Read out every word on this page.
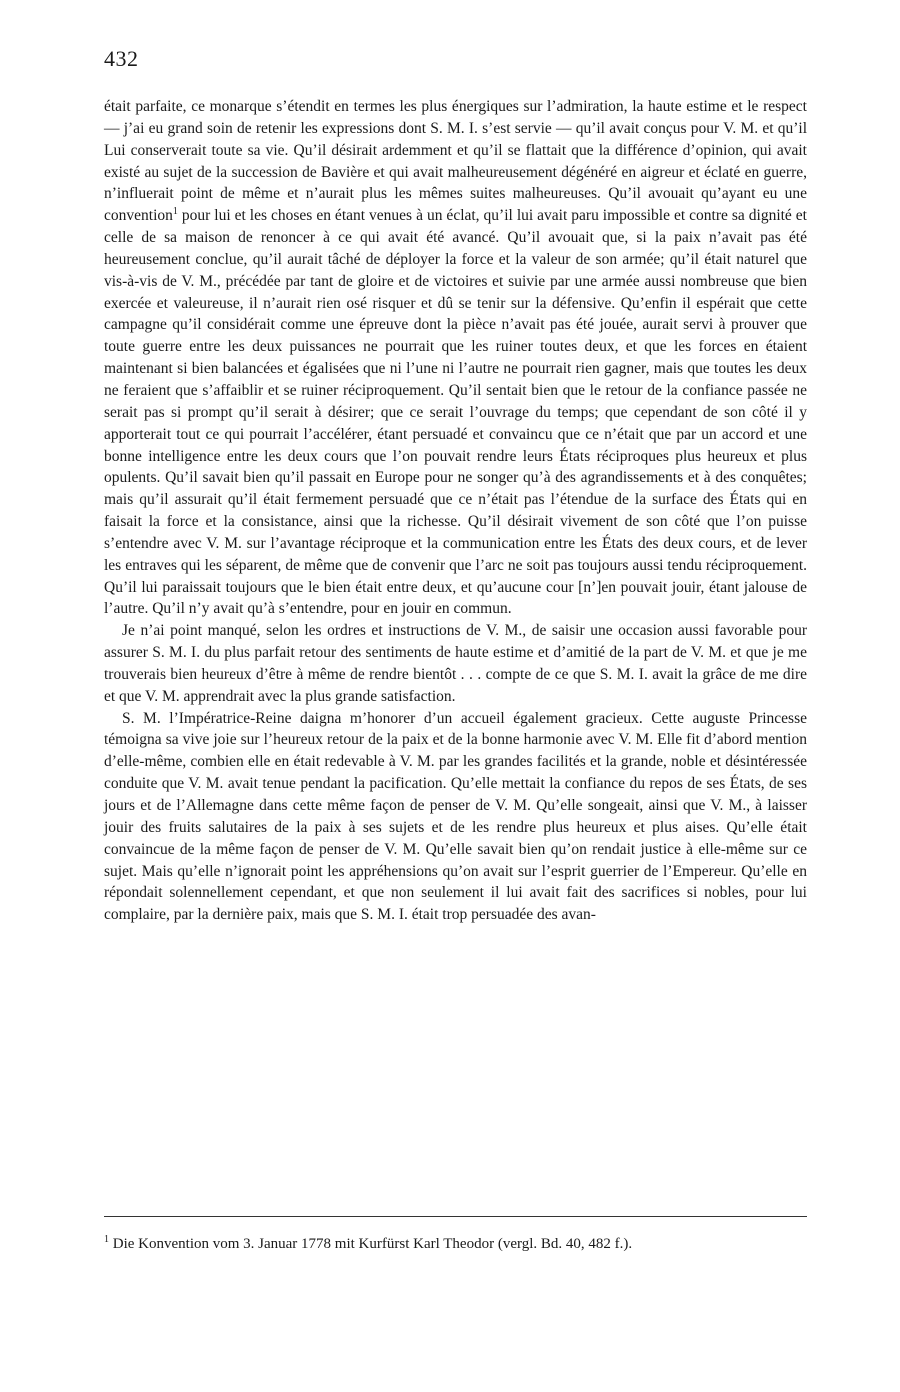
432

était parfaite, ce monarque s’étendit en termes les plus énergiques sur l’admiration, la haute estime et le respect — j’ai eu grand soin de retenir les expressions dont S. M. I. s’est servie — qu’il avait conçus pour V. M. et qu’il Lui conserverait toute sa vie. Qu’il désirait ardemment et qu’il se flattait que la différence d’opinion, qui avait existé au sujet de la succession de Bavière et qui avait malheureusement dégénéré en aigreur et éclaté en guerre, n’influerait point de même et n’aurait plus les mêmes suites malheureuses. Qu’il avouait qu’ayant eu une convention$^1$ pour lui et les choses en étant venues à un éclat, qu’il lui avait paru impossible et contre sa dignité et celle de sa maison de renoncer à ce qui avait été avancé. Qu’il avouait que, si la paix n’avait pas été heureusement conclue, qu’il aurait tâché de déployer la force et la valeur de son armée; qu’il était naturel que vis-à-vis de V. M., précédée par tant de gloire et de victoires et suivie par une armée aussi nombreuse que bien exercée et valeureuse, il n’aurait rien osé risquer et dû se tenir sur la défensive. Qu’enfin il espérait que cette campagne qu’il considérait comme une épreuve dont la pièce n’avait pas été jouée, aurait servi à prouver que toute guerre entre les deux puissances ne pourrait que les ruiner toutes deux, et que les forces en étaient maintenant si bien balancées et égalisées que ni l’une ni l’autre ne pourrait rien gagner, mais que toutes les deux ne feraient que s’affaiblir et se ruiner réciproquement. Qu’il sentait bien que le retour de la confiance passée ne serait pas si prompt qu’il serait à désirer; que ce serait l’ouvrage du temps; que cependant de son côté il y apporterait tout ce qui pourrait l’accélérer, étant persuadé et convaincu que ce n’était que par un accord et une bonne intelligence entre les deux cours que l’on pouvait rendre leurs États réciproques plus heureux et plus opulents. Qu’il savait bien qu’il passait en Europe pour ne songer qu’à des agrandissements et à des conquêtes; mais qu’il assurait qu’il était fermement persuadé que ce n’était pas l’étendue de la surface des États qui en faisait la force et la consistance, ainsi que la richesse. Qu’il désirait vivement de son côté que l’on puisse s’entendre avec V. M. sur l’avantage réciproque et la communication entre les États des deux cours, et de lever les entraves qui les séparent, de même que de convenir que l’arc ne soit pas toujours aussi tendu réciproquement. Qu’il lui paraissait toujours que le bien était entre deux, et qu’aucune cour [n’]en pouvait jouir, étant jalouse de l’autre. Qu’il n’y avait qu’à s’entendre, pour en jouir en commun.

Je n’ai point manqué, selon les ordres et instructions de V. M., de saisir une occasion aussi favorable pour assurer S. M. I. du plus parfait retour des sentiments de haute estime et d’amitié de la part de V. M. et que je me trouverais bien heureux d’être à même de rendre bientôt . . . compte de ce que S. M. I. avait la grâce de me dire et que V. M. apprendrait avec la plus grande satisfaction.

S. M. l’Impératrice-Reine daigna m’honorer d’un accueil également gracieux. Cette auguste Princesse témoigna sa vive joie sur l’heureux retour de la paix et de la bonne harmonie avec V. M. Elle fit d’abord mention d’elle-même, combien elle en était redevable à V. M. par les grandes facilités et la grande, noble et désintéressée conduite que V. M. avait tenue pendant la pacification. Qu’elle mettait la confiance du repos de ses États, de ses jours et de l’Allemagne dans cette même façon de penser de V. M. Qu’elle songeait, ainsi que V. M., à laisser jouir des fruits salutaires de la paix à ses sujets et de les rendre plus heureux et plus aises. Qu’elle était convaincue de la même façon de penser de V. M. Qu’elle savait bien qu’on rendait justice à elle-même sur ce sujet. Mais qu’elle n’ignorait point les appréhensions qu’on avait sur l’esprit guerrier de l’Empereur. Qu’elle en répondait solennellement cependant, et que non seulement il lui avait fait des sacrifices si nobles, pour lui complaire, par la dernière paix, mais que S. M. I. était trop persuadée des avan-

$^1$ Die Konvention vom 3. Januar 1778 mit Kurfürst Karl Theodor (vergl. Bd. 40, 482 f.).
